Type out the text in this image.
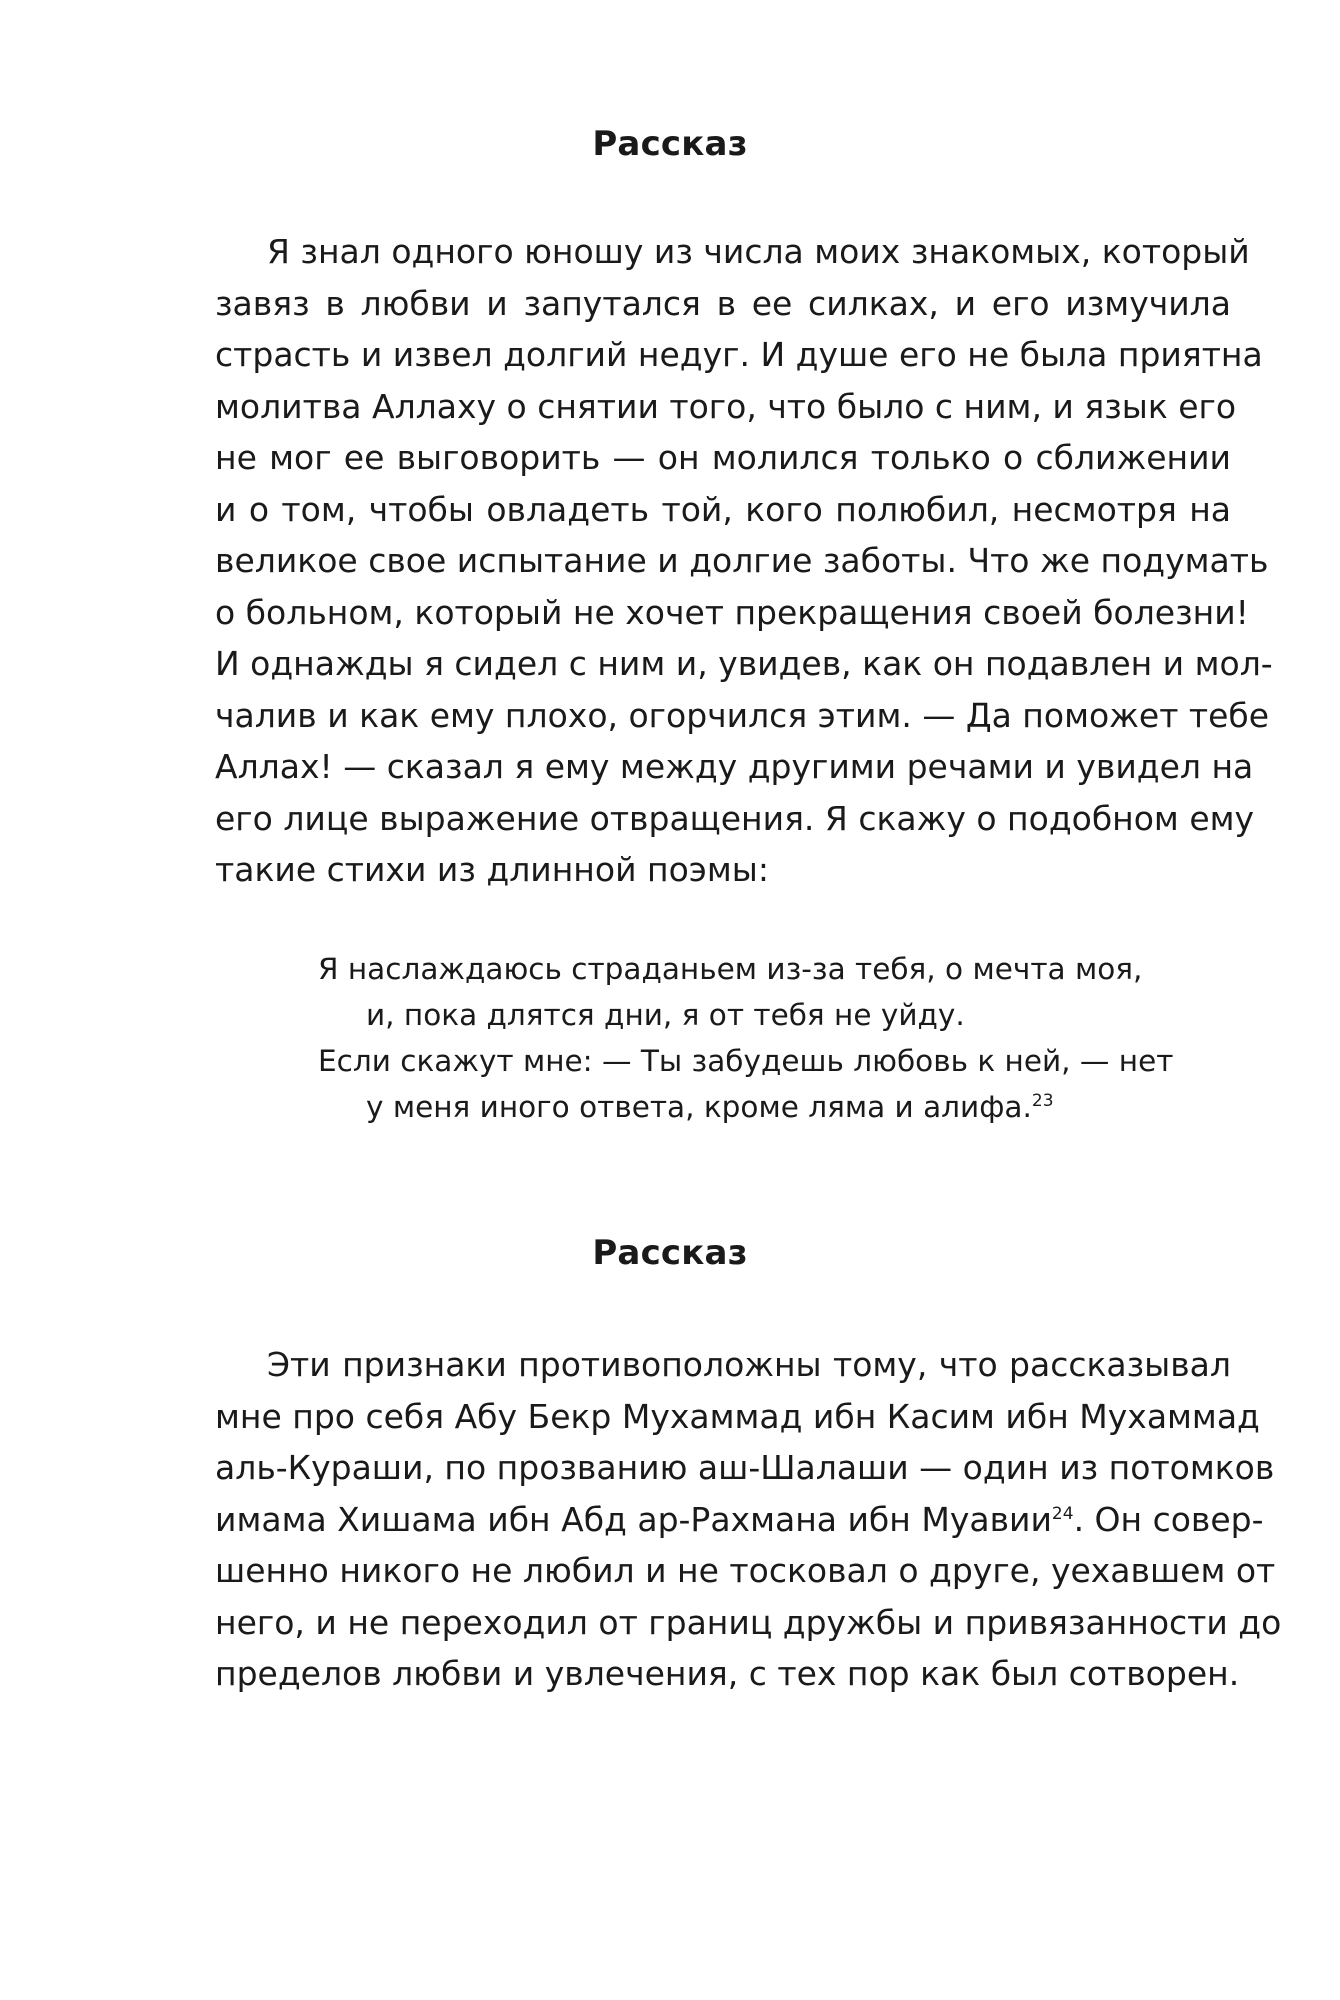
Рассказ
Я знал одного юношу из числа моих знакомых, который
завяз в любви и запутался в ее силках, и его измучила
страсть и извел долгий недуг. И душе его не была приятна
молитва Аллаху о снятии того, что было с ним, и язык его
не мог ее выговорить — он молился только о сближении
и о том, чтобы овладеть той, кого полюбил, несмотря на
великое свое испытание и долгие заботы. Что же подумать
о больном, который не хочет прекращения своей болезни!
И однажды я сидел с ним и, увидев, как он подавлен и мол-
чалив и как ему плохо, огорчился этим. — Да поможет тебе
Аллах! — сказал я ему между другими речами и увидел на
его лице выражение отвращения. Я скажу о подобном ему
такие стихи из длинной поэмы:
Я наслаждаюсь страданьем из-за тебя, о мечта моя,
и, пока длятся дни, я от тебя не уйду.
Если скажут мне: — Ты забудешь любовь к ней, — нет
у меня иного ответа, кроме ляма и алифа.$^{23}$
Рассказ
Эти признаки противоположны тому, что рассказывал
мне про себя Абу Бекр Мухаммад ибн Касим ибн Мухаммад
аль-Кураши, по прозванию аш-Шалаши — один из потомков
имама Хишама ибн Абд ар-Рахмана ибн Муавии$^{24}$. Он совер-
шенно никого не любил и не тосковал о друге, уехавшем от
него, и не переходил от границ дружбы и привязанности до
пределов любви и увлечения, с тех пор как был сотворен.
